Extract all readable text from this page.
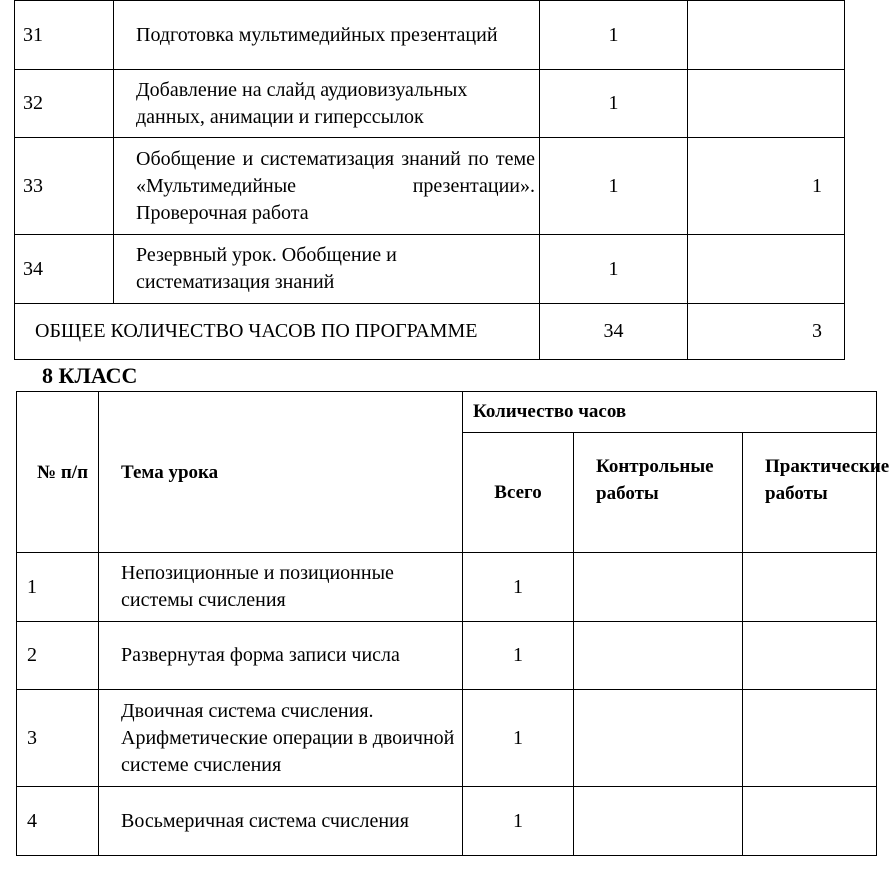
31	Подготовка мультимедийных презентаций	1	
32	Добавление на слайд аудиовизуальных данных, анимации и гиперссылок	1	
33	Обобщение и систематизация знаний по теме «Мультимедийные презентации». Проверочная работа	1	1
34	Резервный урок. Обобщение и систематизация знаний	1	
ОБЩЕЕ КОЛИЧЕСТВО ЧАСОВ ПО ПРОГРАММЕ		34	3
8 КЛАСС
№ п/п	Тема урока	Количество часов		
		Всего	Контрольные работы	Практические работы
1	Непозиционные и позиционные системы счисления	1		
2	Развернутая форма записи числа	1		
3	Двоичная система счисления. Арифметические операции в двоичной системе счисления	1		
4	Восьмеричная система счисления	1		
